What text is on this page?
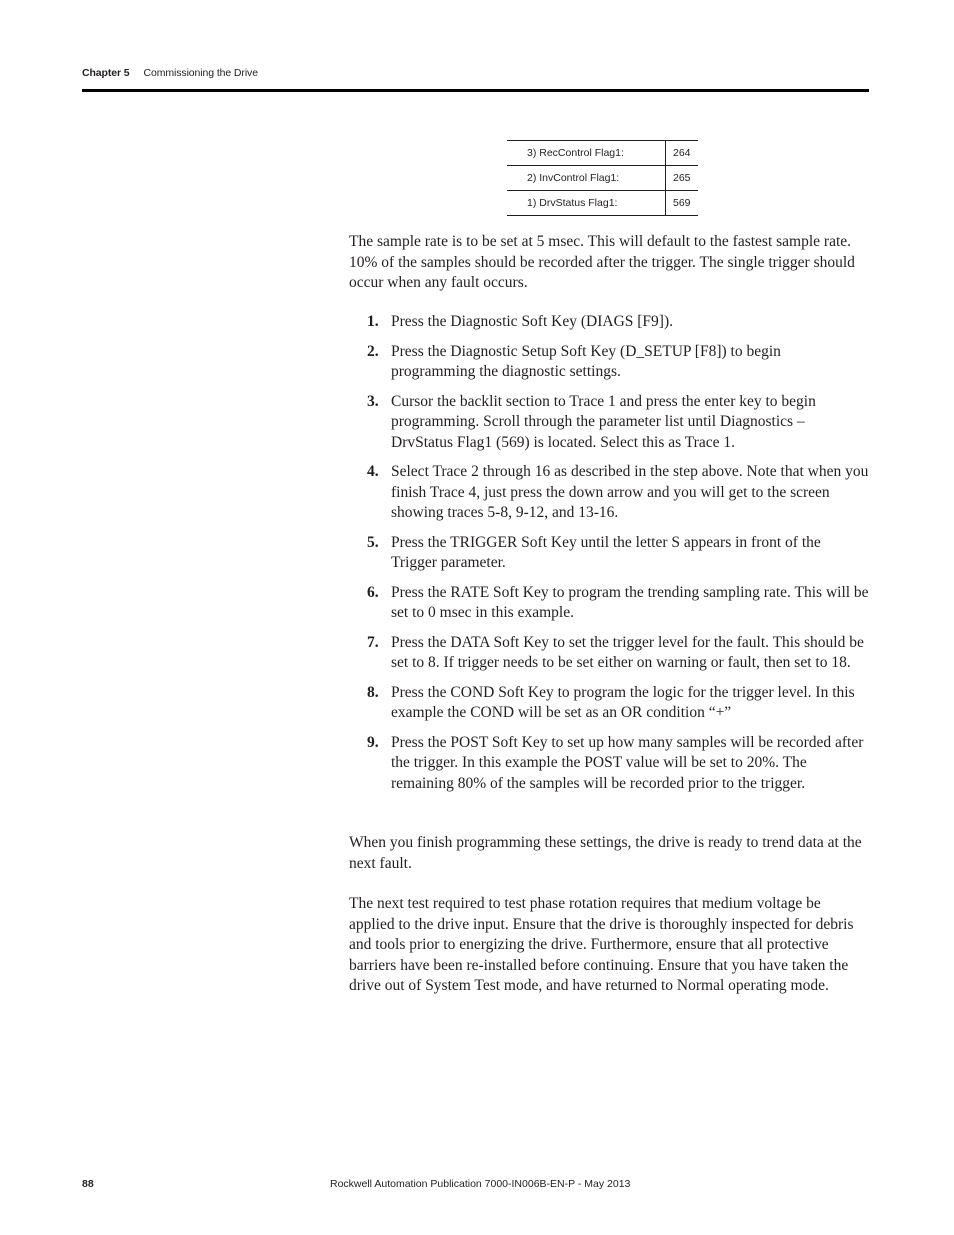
Chapter 5 Commissioning the Drive
3) RecControl Flag1:	264
2) InvControl Flag1:	265
1) DrvStatus Flag1:	569

The sample rate is to be set at 5 msec. This will default to the fastest sample rate. 10% of the samples should be recorded after the trigger. The single trigger should occur when any fault occurs.

1. Press the Diagnostic Soft Key (DIAGS [F9]).
2. Press the Diagnostic Setup Soft Key (D_SETUP [F8]) to begin programming the diagnostic settings.
3. Cursor the backlit section to Trace 1 and press the enter key to begin programming. Scroll through the parameter list until Diagnostics – DrvStatus Flag1 (569) is located. Select this as Trace 1.
4. Select Trace 2 through 16 as described in the step above. Note that when you finish Trace 4, just press the down arrow and you will get to the screen showing traces 5-8, 9-12, and 13-16.
5. Press the TRIGGER Soft Key until the letter S appears in front of the Trigger parameter.
6. Press the RATE Soft Key to program the trending sampling rate. This will be set to 0 msec in this example.
7. Press the DATA Soft Key to set the trigger level for the fault. This should be set to 8. If trigger needs to be set either on warning or fault, then set to 18.
8. Press the COND Soft Key to program the logic for the trigger level. In this example the COND will be set as an OR condition “+”
9. Press the POST Soft Key to set up how many samples will be recorded after the trigger. In this example the POST value will be set to 20%. The remaining 80% of the samples will be recorded prior to the trigger.

When you finish programming these settings, the drive is ready to trend data at the next fault.

The next test required to test phase rotation requires that medium voltage be applied to the drive input. Ensure that the drive is thoroughly inspected for debris and tools prior to energizing the drive. Furthermore, ensure that all protective barriers have been re-installed before continuing. Ensure that you have taken the drive out of System Test mode, and have returned to Normal operating mode.

88	Rockwell Automation Publication 7000-IN006B-EN-P - May 2013
